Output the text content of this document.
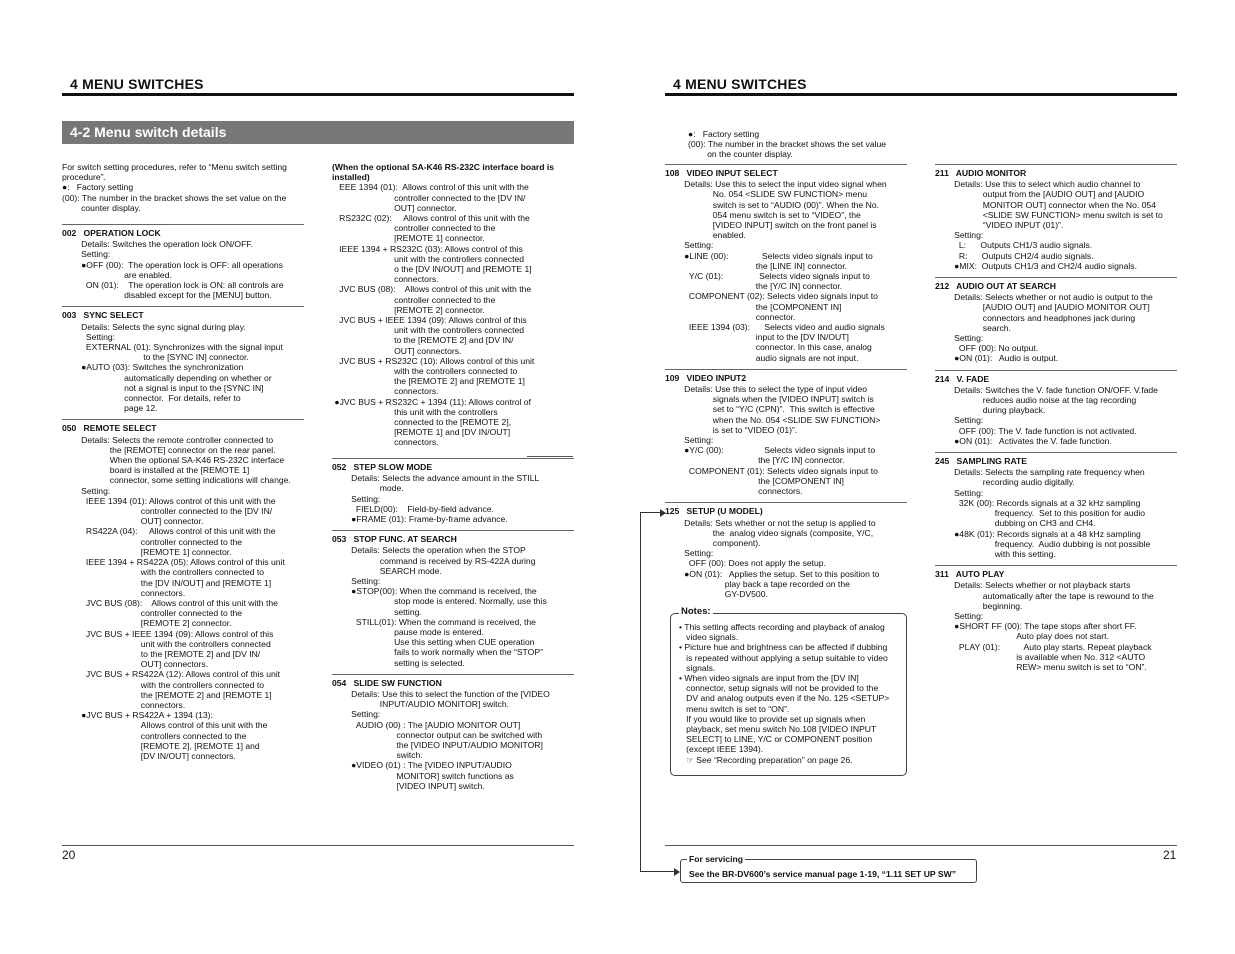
4 MENU SWITCHES
4-2 Menu switch details

For switch setting procedures, refer to “Menu switch setting procedure”.

●:   Factory setting

(00): The number in the bracket shows the set value on the

counter display.

002   OPERATION LOCK

Details: Switches the operation lock ON/OFF.

Setting:

●OFF (00):  The operation lock is OFF: all operations

are enabled.

ON (01):    The operation lock is ON: all controls are

disabled except for the [MENU] button.

003   SYNC SELECT

Details: Selects the sync signal during play.

Setting:

EXTERNAL (01): Synchronizes with the signal input

to the [SYNC IN] connector.

●AUTO (03): Switches the synchronization

automatically depending on whether or

not a signal is input to the [SYNC IN]

connector.  For details, refer to

page 12.

050   REMOTE SELECT

Details: Selects the remote controller connected to

the [REMOTE] connector on the rear panel.

When the optional SA-K46 RS-232C interface

board is installed at the [REMOTE 1]

connector, some setting indications will change.

Setting:

IEEE 1394 (01): Allows control of this unit with the

controller connected to the [DV IN/

OUT] connector.

RS422A (04):     Allows control of this unit with the

controller connected to the

[REMOTE 1] connector.

IEEE 1394 + RS422A (05): Allows control of this unit

with the controllers connected to

the [DV IN/OUT] and [REMOTE 1]

connectors.

JVC BUS (08):    Allows control of this unit with the

controller connected to the

[REMOTE 2] connector.

JVC BUS + IEEE 1394 (09): Allows control of this

unit with the controllers connected

to the [REMOTE 2] and [DV IN/

OUT] connectors.

JVC BUS + RS422A (12): Allows control of this unit

with the controllers connected to

the [REMOTE 2] and [REMOTE 1]

connectors.

●JVC BUS + RS422A + 1394 (13):

Allows control of this unit with the

controllers connected to the

[REMOTE 2], [REMOTE 1] and

[DV IN/OUT] connectors.

(When the optional SA-K46 RS-232C interface board is installed)

EEE 1394 (01):  Allows control of this unit with the

controller connected to the [DV IN/

OUT] connector.

RS232C (02):     Allows control of this unit with the

controller connected to the

[REMOTE 1] connector.

IEEE 1394 + RS232C (03): Allows control of this

unit with the controllers connected

o the [DV IN/OUT] and [REMOTE 1]

connectors.

JVC BUS (08):    Allows control of this unit with the

controller connected to the

[REMOTE 2] connector.

JVC BUS + IEEE 1394 (09): Allows control of this

unit with the controllers connected

to the [REMOTE 2] and [DV IN/

OUT] connectors.

JVC BUS + RS232C (10): Allows control of this unit

with the controllers connected to

the [REMOTE 2] and [REMOTE 1]

connectors.

●JVC BUS + RS232C + 1394 (11): Allows control of

this unit with the controllers

connected to the [REMOTE 2],

[REMOTE 1] and [DV IN/OUT]

connectors.

052   STEP SLOW MODE

Details: Selects the advance amount in the STILL

mode.

Setting:

FIELD(00):    Field-by-field advance.

●FRAME (01): Frame-by-frame advance.

053   STOP FUNC. AT SEARCH

Details: Selects the operation when the STOP

command is received by RS-422A during

SEARCH mode.

Setting:

●STOP(00): When the command is received, the

stop mode is entered. Normally, use this

setting.

STILL(01): When the command is received, the

pause mode is entered.

Use this setting when CUE operation

fails to work normally when the “STOP”

setting is selected.

054   SLIDE SW FUNCTION

Details: Use this to select the function of the [VIDEO

INPUT/AUDIO MONITOR] switch.

Setting:

AUDIO (00) : The [AUDIO MONITOR OUT]

connector output can be switched with

the [VIDEO INPUT/AUDIO MONITOR]

switch.

●VIDEO (01) : The [VIDEO INPUT/AUDIO

MONITOR] switch functions as

[VIDEO INPUT] switch.

20
4 MENU SWITCHES

●:   Factory setting

(00): The number in the bracket shows the set value

on the counter display.

108   VIDEO INPUT SELECT

Details: Use this to select the input video signal when

No. 054 <SLIDE SW FUNCTION> menu

switch is set to “AUDIO (00)”. When the No.

054 menu switch is set to “VIDEO”, the

[VIDEO INPUT] switch on the front panel is

enabled.

Setting:

●LINE (00):              Selects video signals input to

the [LINE IN] connector.

Y/C (01):               Selects video signals input to

the [Y/C IN] connector.

COMPONENT (02): Selects video signals input to

the [COMPONENT IN]

connector.

IEEE 1394 (03):      Selects video and audio signals

input to the [DV IN/OUT]

connector. In this case, analog

audio signals are not input.

109   VIDEO INPUT2

Details: Use this to select the type of input video

signals when the [VIDEO INPUT] switch is

set to “Y/C (CPN)”.  This switch is effective

when the No. 054 <SLIDE SW FUNCTION>

is set to “VIDEO (01)”.

Setting:

●Y/C (00):                 Selects video signals input to

the [Y/C IN] connector.

COMPONENT (01): Selects video signals input to

the [COMPONENT IN]

connectors.

125   SETUP (U MODEL)

Details: Sets whether or not the setup is applied to

the  analog video signals (composite, Y/C,

component).

Setting:

OFF (00): Does not apply the setup.

●ON (01):   Applies the setup. Set to this position to

play back a tape recorded on the

GY-DV500.

Notes:

• This setting affects recording and playback of analog

video signals.

• Picture hue and brightness can be affected if dubbing

is repeated without applying a setup suitable to video

signals.

• When video signals are input from the [DV IN]

connector, setup signals will not be provided to the

DV and analog outputs even if the No. 125 <SETUP>

menu switch is set to “ON”.

If you would like to provide set up signals when

playback, set menu switch No.108 [VIDEO INPUT

SELECT] to LINE, Y/C or COMPONENT position

(except IEEE 1394).

☞ See “Recording preparation” on page 26.

211   AUDIO MONITOR

Details: Use this to select which audio channel to

output from the [AUDIO OUT] and [AUDIO

MONITOR OUT] connector when the No. 054

<SLIDE SW FUNCTION> menu switch is set to

“VIDEO INPUT (01)”.

Setting:

L:      Outputs CH1/3 audio signals.

R:      Outputs CH2/4 audio signals.

●MIX:  Outputs CH1/3 and CH2/4 audio signals.

212   AUDIO OUT AT SEARCH

Details: Selects whether or not audio is output to the

[AUDIO OUT] and [AUDIO MONITOR OUT]

connectors and headphones jack during

search.

Setting:

OFF (00): No output.

●ON (01):   Audio is output.

214   V. FADE

Details: Switches the V. fade function ON/OFF. V.fade

reduces audio noise at the tag recording

during playback.

Setting:

OFF (00): The V. fade function is not activated.

●ON (01):   Activates the V. fade function.

245   SAMPLING RATE

Details: Selects the sampling rate frequency when

recording audio digitally.

Setting:

32K (00): Records signals at a 32 kHz sampling

frequency.  Set to this position for audio

dubbing on CH3 and CH4.

●48K (01): Records signals at a 48 kHz sampling

frequency.  Audio dubbing is not possible

with this setting.

311   AUTO PLAY

Details: Selects whether or not playback starts

automatically after the tape is rewound to the

beginning.

Setting:

●SHORT FF (00): The tape stops after short FF.

Auto play does not start.

PLAY (01):          Auto play starts. Repeat playback

is available when No. 312 <AUTO

REW> menu switch is set to “ON”.

21
For servicing
See the BR-DV600’s service manual page 1-19, “1.11 SET UP SW”
